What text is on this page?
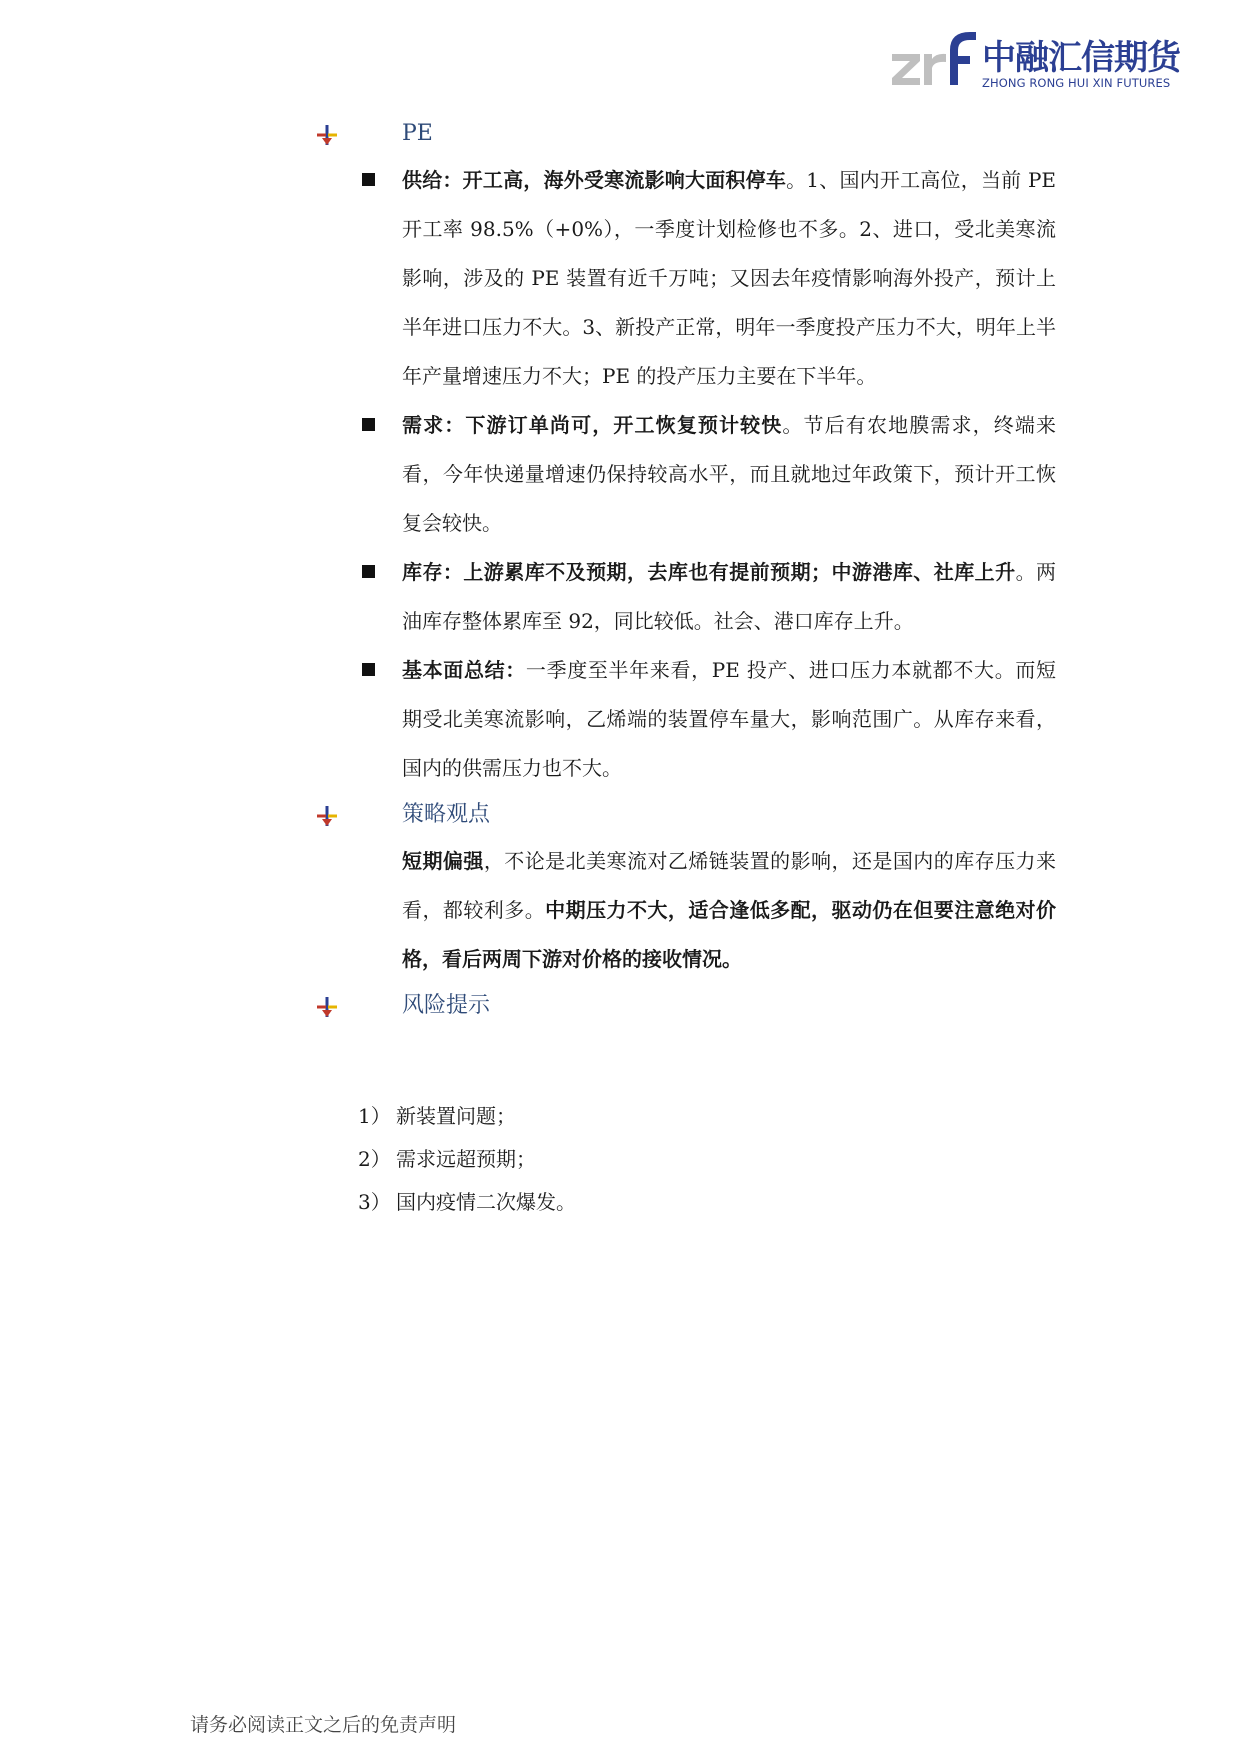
中融汇信期货
ZHONG RONG HUI XIN FUTURES
PE
供给：开工高，海外受寒流影响大面积停车。1、国内开工高位，当前 PE 开工率 98.5%（+0%），一季度计划检修也不多。2、进口，受北美寒流影响，涉及的 PE 装置有近千万吨；又因去年疫情影响海外投产，预计上半年进口压力不大。3、新投产正常，明年一季度投产压力不大，明年上半年产量增速压力不大；PE 的投产压力主要在下半年。
需求：下游订单尚可，开工恢复预计较快。节后有农地膜需求，终端来看，今年快递量增速仍保持较高水平，而且就地过年政策下，预计开工恢复会较快。
库存：上游累库不及预期，去库也有提前预期；中游港库、社库上升。两油库存整体累库至 92，同比较低。社会、港口库存上升。
基本面总结：一季度至半年来看，PE 投产、进口压力本就都不大。而短期受北美寒流影响，乙烯端的装置停车量大，影响范围广。从库存来看，国内的供需压力也不大。
策略观点
短期偏强，不论是北美寒流对乙烯链装置的影响，还是国内的库存压力来看，都较利多。中期压力不大，适合逢低多配，驱动仍在但要注意绝对价格，看后两周下游对价格的接收情况。
风险提示
1） 新装置问题；
2） 需求远超预期；
3） 国内疫情二次爆发。
请务必阅读正文之后的免责声明
